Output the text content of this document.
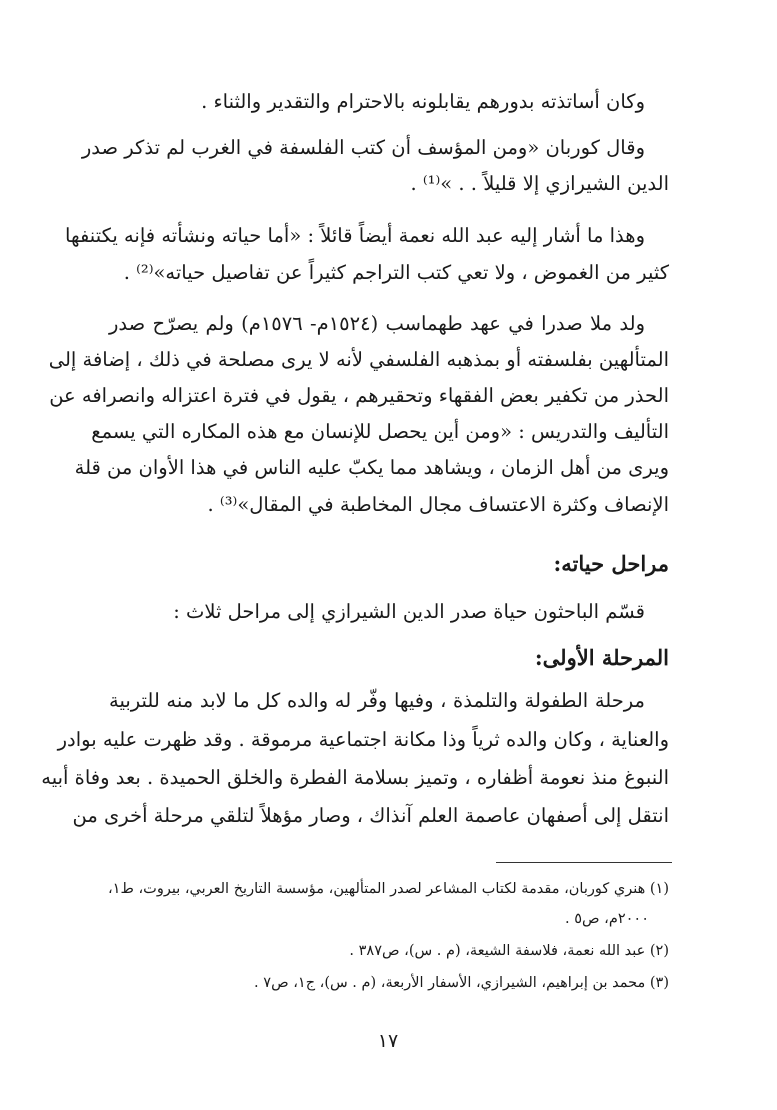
وكان أساتذته بدورهم يقابلونه بالاحترام والتقدير والثناء .
وقال كوربان «ومن المؤسف أن كتب الفلسفة في الغرب لم تذكر صدر
الدين الشيرازي إلا قليلاً . . »⁽¹⁾ .
وهذا ما أشار إليه عبد الله نعمة أيضاً قائلاً : «أما حياته ونشأته فإنه يكتنفها
كثير من الغموض ، ولا تعي كتب التراجم كثيراً عن تفاصيل حياته»⁽²⁾ .
ولد ملا صدرا في عهد طهماسب (١٥٢٤م- ١٥٧٦م) ولم يصرّح صدر
المتألهين بفلسفته أو بمذهبه الفلسفي لأنه لا يرى مصلحة في ذلك ، إضافة إلى
الحذر من تكفير بعض الفقهاء وتحقيرهم ، يقول في فترة اعتزاله وانصرافه عن
التأليف والتدريس : «ومن أين يحصل للإنسان مع هذه المكاره التي يسمع
ويرى من أهل الزمان ، ويشاهد مما يكبّ عليه الناس في هذا الأوان من قلة
الإنصاف وكثرة الاعتساف مجال المخاطبة في المقال»⁽³⁾ .
مراحل حياته:
قسّم الباحثون حياة صدر الدين الشيرازي إلى مراحل ثلاث :
المرحلة الأولى:
مرحلة الطفولة والتلمذة ، وفيها وفّر له والده كل ما لابد منه للتربية
والعناية ، وكان والده ثرياً وذا مكانة اجتماعية مرموقة . وقد ظهرت عليه بوادر
النبوغ منذ نعومة أظفاره ، وتميز بسلامة الفطرة والخلق الحميدة . بعد وفاة أبيه
انتقل إلى أصفهان عاصمة العلم آنذاك ، وصار مؤهلاً لتلقي مرحلة أخرى من
(١) هنري كوربان، مقدمة لكتاب المشاعر لصدر المتألهين، مؤسسة التاريخ العربي، بيروت، ط١،
٢٠٠٠م، ص٥ .
(٢) عبد الله نعمة، فلاسفة الشيعة، (م . س)، ص٣٨٧ .
(٣) محمد بن إبراهيم، الشيرازي، الأسفار الأربعة، (م . س)، ج١، ص٧ .
١٧
